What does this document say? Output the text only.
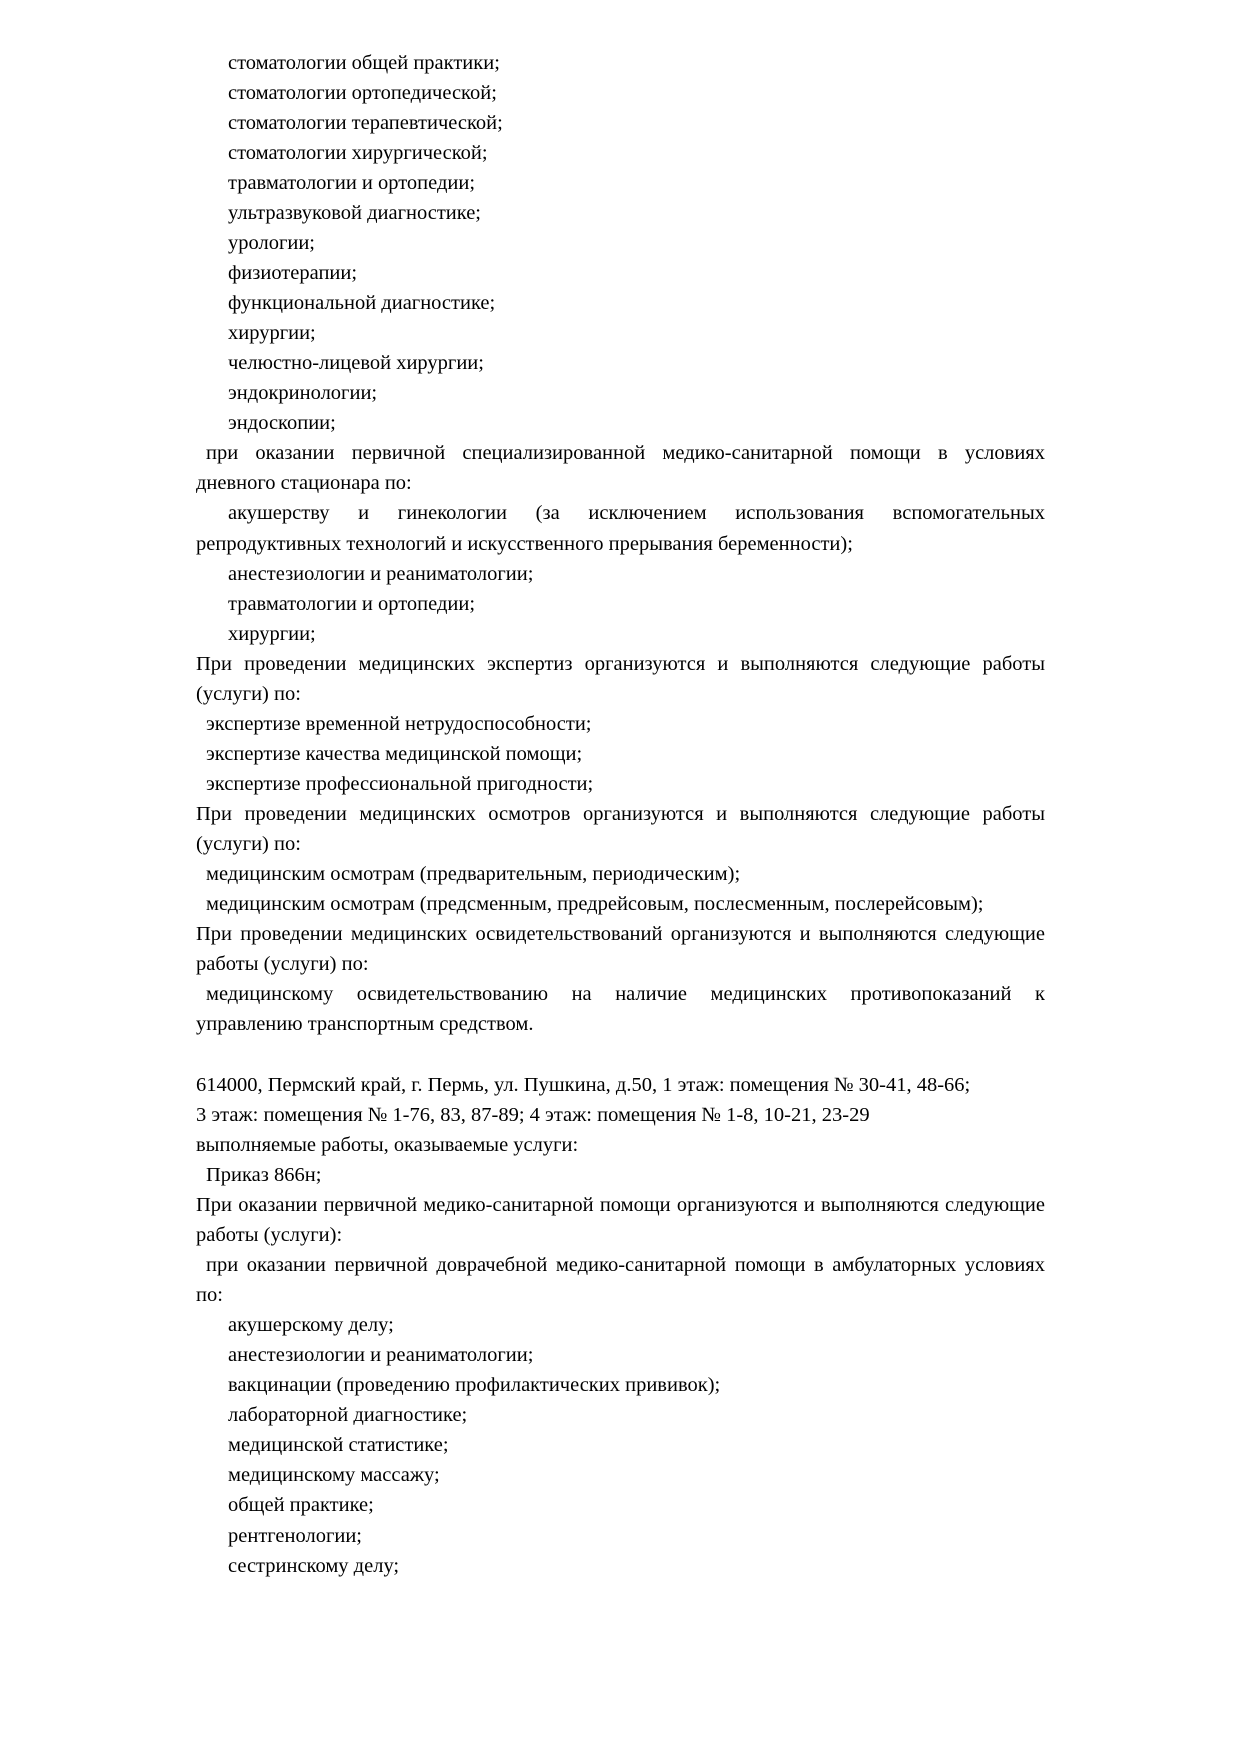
стоматологии общей практики;

стоматологии ортопедической;

стоматологии терапевтической;

стоматологии хирургической;

травматологии и ортопедии;

ультразвуковой диагностике;

урологии;

физиотерапии;

функциональной диагностике;

хирургии;

челюстно-лицевой хирургии;

эндокринологии;

эндоскопии;

при оказании первичной специализированной медико-санитарной помощи в условиях дневного стационара по:

акушерству и гинекологии (за исключением использования вспомогательных репродуктивных технологий и искусственного прерывания беременности);

анестезиологии и реаниматологии;

травматологии и ортопедии;

хирургии;

При проведении медицинских экспертиз организуются и выполняются следующие работы (услуги) по:

экспертизе временной нетрудоспособности;

экспертизе качества медицинской помощи;

экспертизе профессиональной пригодности;

При проведении медицинских осмотров организуются и выполняются следующие работы (услуги) по:

медицинским осмотрам (предварительным, периодическим);

медицинским осмотрам (предсменным, предрейсовым, послесменным, послерейсовым);

При проведении медицинских освидетельствований организуются и выполняются следующие работы (услуги) по:

медицинскому освидетельствованию на наличие медицинских противопоказаний к управлению транспортным средством.

614000, Пермский край, г. Пермь, ул. Пушкина, д.50, 1 этаж: помещения № 30-41, 48-66;

3 этаж: помещения № 1-76, 83, 87-89; 4 этаж: помещения № 1-8, 10-21, 23-29

выполняемые работы, оказываемые услуги:

Приказ 866н;

При оказании первичной медико-санитарной помощи организуются и выполняются следующие работы (услуги):

при оказании первичной доврачебной медико-санитарной помощи в амбулаторных условиях по:

акушерскому делу;

анестезиологии и реаниматологии;

вакцинации (проведению профилактических прививок);

лабораторной диагностике;

медицинской статистике;

медицинскому массажу;

общей практике;

рентгенологии;

сестринскому делу;
